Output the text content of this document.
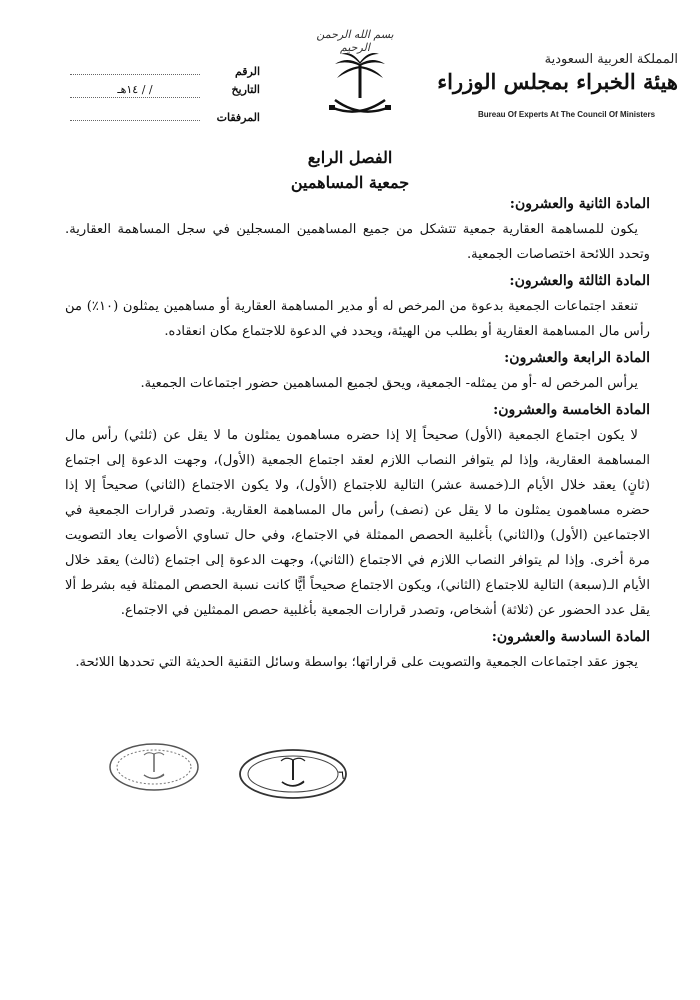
بسم الله الرحمن الرحيم
المملكة العربية السعودية
هيئة الخبراء بمجلس الوزراء
Bureau Of Experts At The Council Of Ministers
الرقم
التاريخ
/ / ١٤هـ
المرفقات
الفصل الرابع
جمعية المساهمين

المادة الثانية والعشرون:

يكون للمساهمة العقارية جمعية تتشكل من جميع المساهمين المسجلين في سجل المساهمة العقارية. وتحدد اللائحة اختصاصات الجمعية.

المادة الثالثة والعشرون:

تنعقد اجتماعات الجمعية بدعوة من المرخص له أو مدير المساهمة العقارية أو مساهمين يمثلون (١٠٪) من رأس مال المساهمة العقارية أو بطلب من الهيئة، ويحدد في الدعوة للاجتماع مكان انعقاده.

المادة الرابعة والعشرون:

يرأس المرخص له -أو من يمثله- الجمعية، ويحق لجميع المساهمين حضور اجتماعات الجمعية.

المادة الخامسة والعشرون:

لا يكون اجتماع الجمعية (الأول) صحيحاً إلا إذا حضره مساهمون يمثلون ما لا يقل عن (ثلثي) رأس مال المساهمة العقارية، وإذا لم يتوافر النصاب اللازم لعقد اجتماع الجمعية (الأول)، وجهت الدعوة إلى اجتماع (ثانٍ) يعقد خلال الأيام الـ(خمسة عشر) التالية للاجتماع (الأول)، ولا يكون الاجتماع (الثاني) صحيحاً إلا إذا حضره مساهمون يمثلون ما لا يقل عن (نصف) رأس مال المساهمة العقارية. وتصدر قرارات الجمعية في الاجتماعين (الأول) و(الثاني) بأغلبية الحصص الممثلة في الاجتماع، وفي حال تساوي الأصوات يعاد التصويت مرة أخرى. وإذا لم يتوافر النصاب اللازم في الاجتماع (الثاني)، وجهت الدعوة إلى اجتماع (ثالث) يعقد خلال الأيام الـ(سبعة) التالية للاجتماع (الثاني)، ويكون الاجتماع صحيحاً أيًّا كانت نسبة الحصص الممثلة فيه بشرط ألا يقل عدد الحضور عن (ثلاثة) أشخاص، وتصدر قرارات الجمعية بأغلبية حصص الممثلين في الاجتماع.

المادة السادسة والعشرون:

يجوز عقد اجتماعات الجمعية والتصويت على قراراتها؛ بواسطة وسائل التقنية الحديثة التي تحددها اللائحة.

٦
